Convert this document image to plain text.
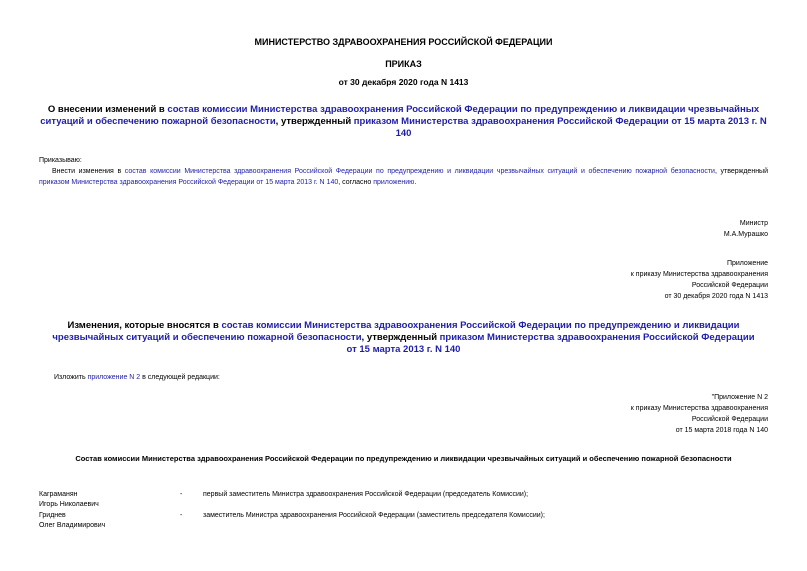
МИНИСТЕРСТВО ЗДРАВООХРАНЕНИЯ РОССИЙСКОЙ ФЕДЕРАЦИИ
ПРИКАЗ
от 30 декабря 2020 года N 1413
О внесении изменений в состав комиссии Министерства здравоохранения Российской Федерации по предупреждению и ликвидации чрезвычайных ситуаций и обеспечению пожарной безопасности, утвержденный приказом Министерства здравоохранения Российской Федерации от 15 марта 2013 г. N 140
Приказываю:
Внести изменения в состав комиссии Министерства здравоохранения Российской Федерации по предупреждению и ликвидации чрезвычайных ситуаций и обеспечению пожарной безопасности, утвержденный приказом Министерства здравоохранения Российской Федерации от 15 марта 2013 г. N 140, согласно приложению.
Министр
М.А.Мурашко
Приложение
к приказу Министерства здравоохранения
Российской Федерации
от 30 декабря 2020 года N 1413
Изменения, которые вносятся в состав комиссии Министерства здравоохранения Российской Федерации по предупреждению и ликвидации чрезвычайных ситуаций и обеспечению пожарной безопасности, утвержденный приказом Министерства здравоохранения Российской Федерации от 15 марта 2013 г. N 140
Изложить приложение N 2 в следующей редакции:
"Приложение N 2
к приказу Министерства здравоохранения
Российской Федерации
от 15 марта 2018 года N 140
Состав комиссии Министерства здравоохранения Российской Федерации по предупреждению и ликвидации чрезвычайных ситуаций и обеспечению пожарной безопасности
Каграманян
Игорь Николаевич
-	первый заместитель Министра здравоохранения Российской Федерации (председатель Комиссии);
Гриднев
Олег Владимирович
-	заместитель Министра здравоохранения Российской Федерации (заместитель председателя Комиссии);
